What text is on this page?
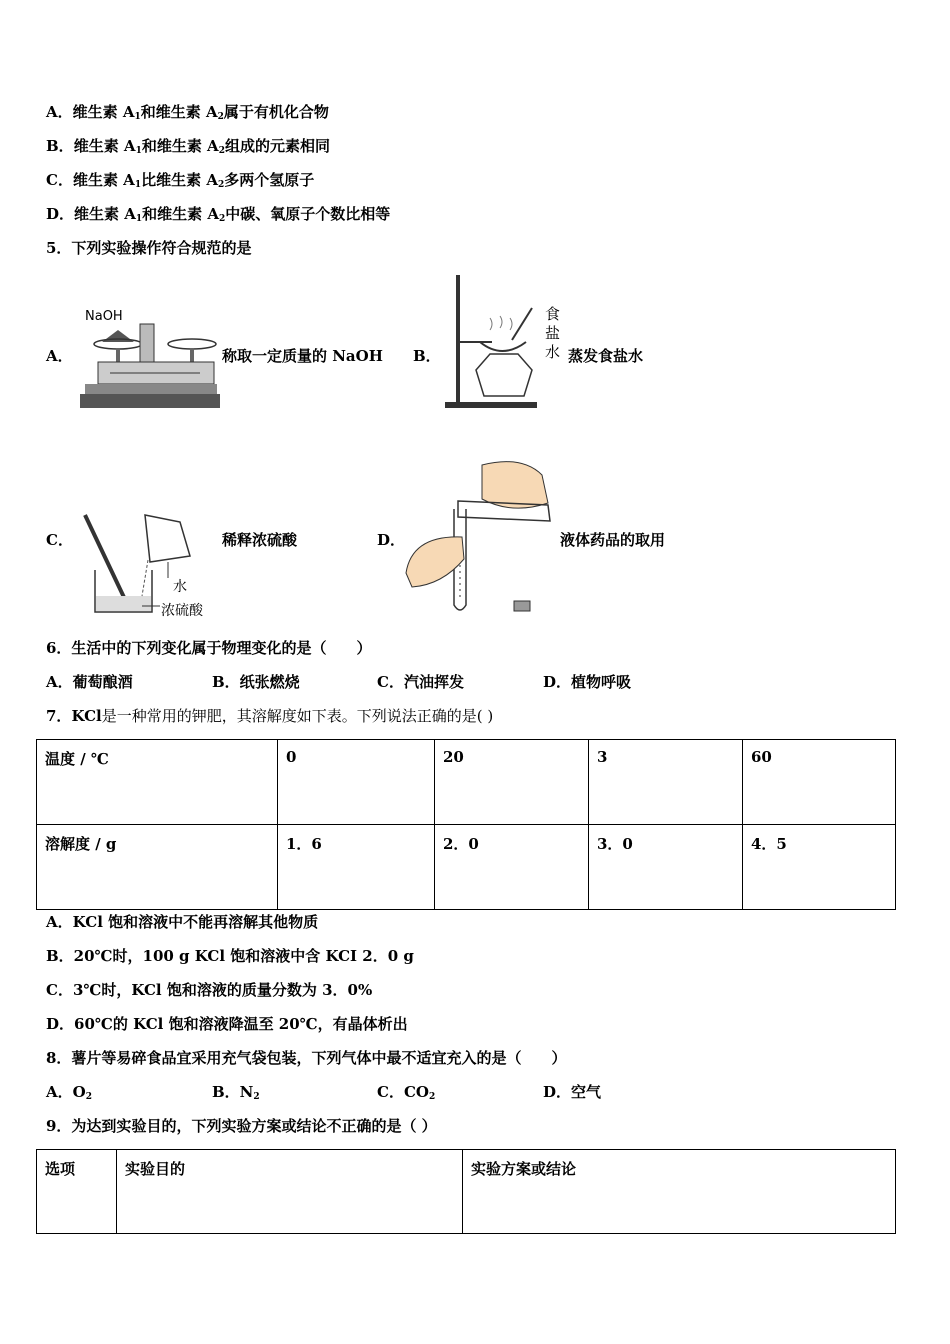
A．维生素 $A_1$和维生素 $A_2$属于有机化合物
B．维生素 $A_1$和维生素 $A_2$组成的元素相同
C．维生素 $A_1$比维生素 $A_2$多两个氢原子
D．维生素 $A_1$和维生素 $A_2$中碳、氧原子个数比相等
5．下列实验操作符合规范的是
A．
NaOH
称取一定质量的 NaOH B．
食
盐
水 蒸发食盐水
C．
水
浓硫酸
稀释浓硫酸	D．	液体药品的取用
6．生活中的下列变化属于物理变化的是（　　）
A．葡萄酿酒	B．纸张燃烧	C．汽油挥发	D．植物呼吸
7．KCl是一种常用的钾肥，其溶解度如下表。下列说法正确的是( )
温度 / ℃	0	20	3	60
溶解度 / g	1．6	2．0	3．0	4．5
A．KCl 饱和溶液中不能再溶解其他物质
B．20℃时，100 g KCl 饱和溶液中含 KCI 2．0 g
C．3℃时，KCl 饱和溶液的质量分数为 3．0%
D．60℃的 KCl 饱和溶液降温至 20℃，有晶体析出
8．薯片等易碎食品宜采用充气袋包装，下列气体中最不适宜充入的是（　　）
A．$O_2$	B．$N_2$	C．$CO_2$	D．空气
9．为达到实验目的，下列实验方案或结论不正确的是（ ）
选项	实验目的	实验方案或结论
